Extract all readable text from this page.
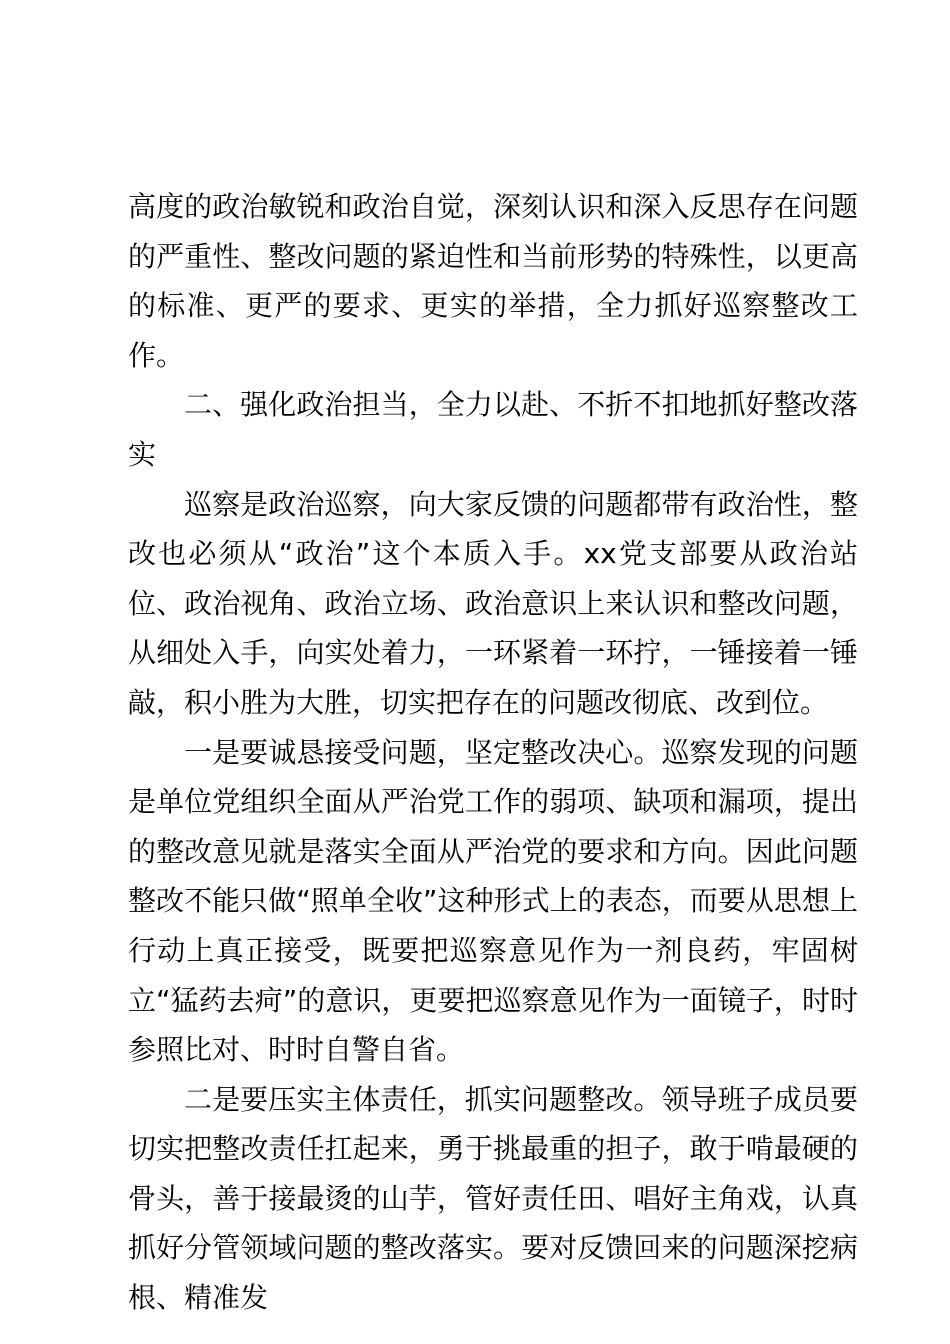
高度的政治敏锐和政治自觉，深刻认识和深入反思存在问题的严重性、整改问题的紧迫性和当前形势的特殊性，以更高的标准、更严的要求、更实的举措，全力抓好巡察整改工作。

二、强化政治担当，全力以赴、不折不扣地抓好整改落实

巡察是政治巡察，向大家反馈的问题都带有政治性，整改也必须从“政治”这个本质入手。xx党支部要从政治站位、政治视角、政治立场、政治意识上来认识和整改问题，从细处入手，向实处着力，一环紧着一环拧，一锤接着一锤敲，积小胜为大胜，切实把存在的问题改彻底、改到位。

一是要诚恳接受问题，坚定整改决心。巡察发现的问题是单位党组织全面从严治党工作的弱项、缺项和漏项，提出的整改意见就是落实全面从严治党的要求和方向。因此问题整改不能只做“照单全收”这种形式上的表态，而要从思想上行动上真正接受，既要把巡察意见作为一剂良药，牢固树立“猛药去疴”的意识，更要把巡察意见作为一面镜子，时时参照比对、时时自警自省。

二是要压实主体责任，抓实问题整改。领导班子成员要切实把整改责任扛起来，勇于挑最重的担子，敢于啃最硬的骨头，善于接最烫的山芋，管好责任田、唱好主角戏，认真抓好分管领域问题的整改落实。要对反馈回来的问题深挖病根、精准发
